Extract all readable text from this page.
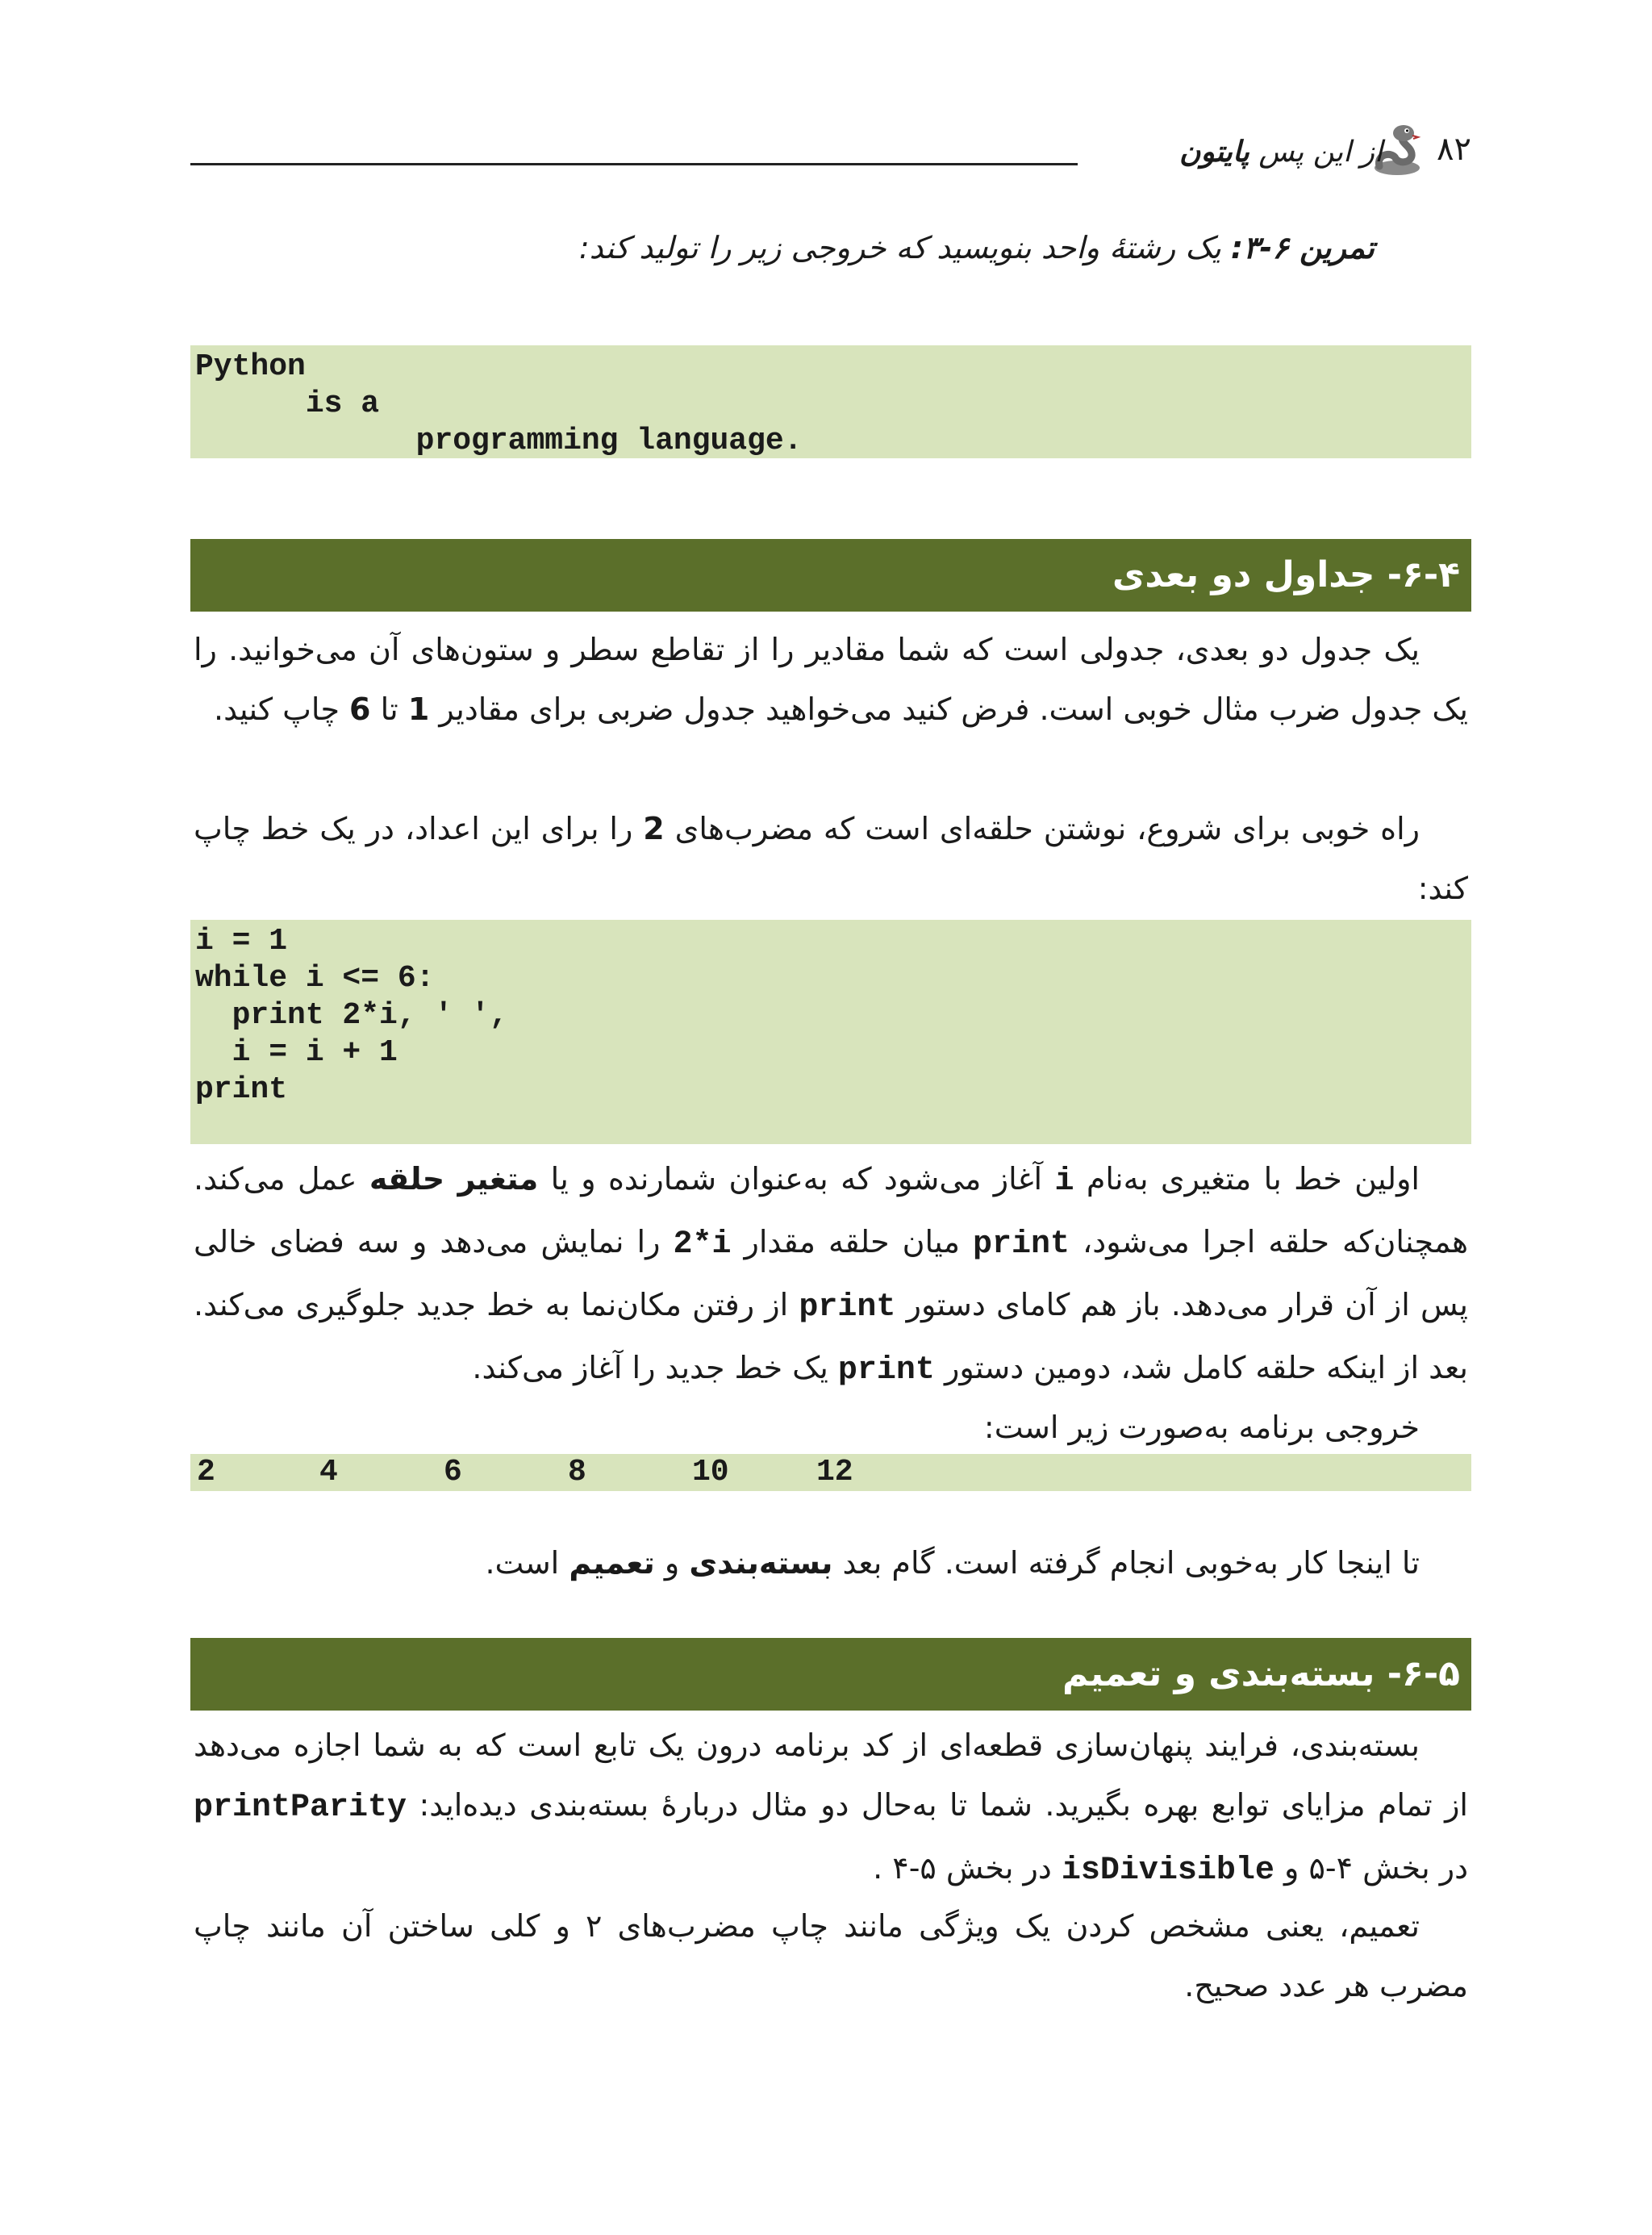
۸۲
از این پس پایتون

تمرین ۶-۳: یک رشتهٔ واحد بنویسید که خروجی زیر را تولید کند:

Python
is a
programming language.
۶-۴- جداول دو بعدی

یک جدول دو بعدی، جدولی است که شما مقادیر را از تقاطع سطر و ستون‌های آن می‌خوانید. را یک جدول ضرب مثال خوبی است. فرض کنید می‌خواهید جدول ضربی برای مقادیر 1 تا 6 چاپ کنید.

راه خوبی برای شروع، نوشتن حلقه‌ای است که مضرب‌های 2 را برای این اعداد، در یک خط چاپ کند:

i = 1
while i <= 6:
print 2*i, ' ',
i = i + 1
print

اولین خط با متغیری به‌نام i آغاز می‌شود که به‌عنوان شمارنده و یا متغیر حلقه عمل می‌کند. همچنان‌که حلقه اجرا می‌شود، print میان حلقه مقدار 2*i را نمایش می‌دهد و سه فضای خالی پس از آن قرار می‌دهد. باز هم کامای دستور print از رفتن مکان‌نما به خط جدید جلوگیری می‌کند. بعد از اینکه حلقه کامل شد، دومین دستور print یک خط جدید را آغاز می‌کند.

خروجی برنامه به‌صورت زیر است:

2	4	6	8	10	12

تا اینجا کار به‌خوبی انجام گرفته است. گام بعد بسته‌بندی و تعمیم است.

۶-۵- بسته‌بندی و تعمیم

بسته‌بندی، فرایند پنهان‌سازی قطعه‌ای از کد برنامه درون یک تابع است که به شما اجازه می‌دهد از تمام مزایای توابع بهره بگیرید. شما تا به‌حال دو مثال دربارهٔ بسته‌بندی دیده‌اید: printParity در بخش ۴-۵ و isDivisible در بخش ۵-۴ .

تعمیم، یعنی مشخص کردن یک ویژگی مانند چاپ مضرب‌های ۲ و کلی ساختن آن مانند چاپ مضرب هر عدد صحیح.
